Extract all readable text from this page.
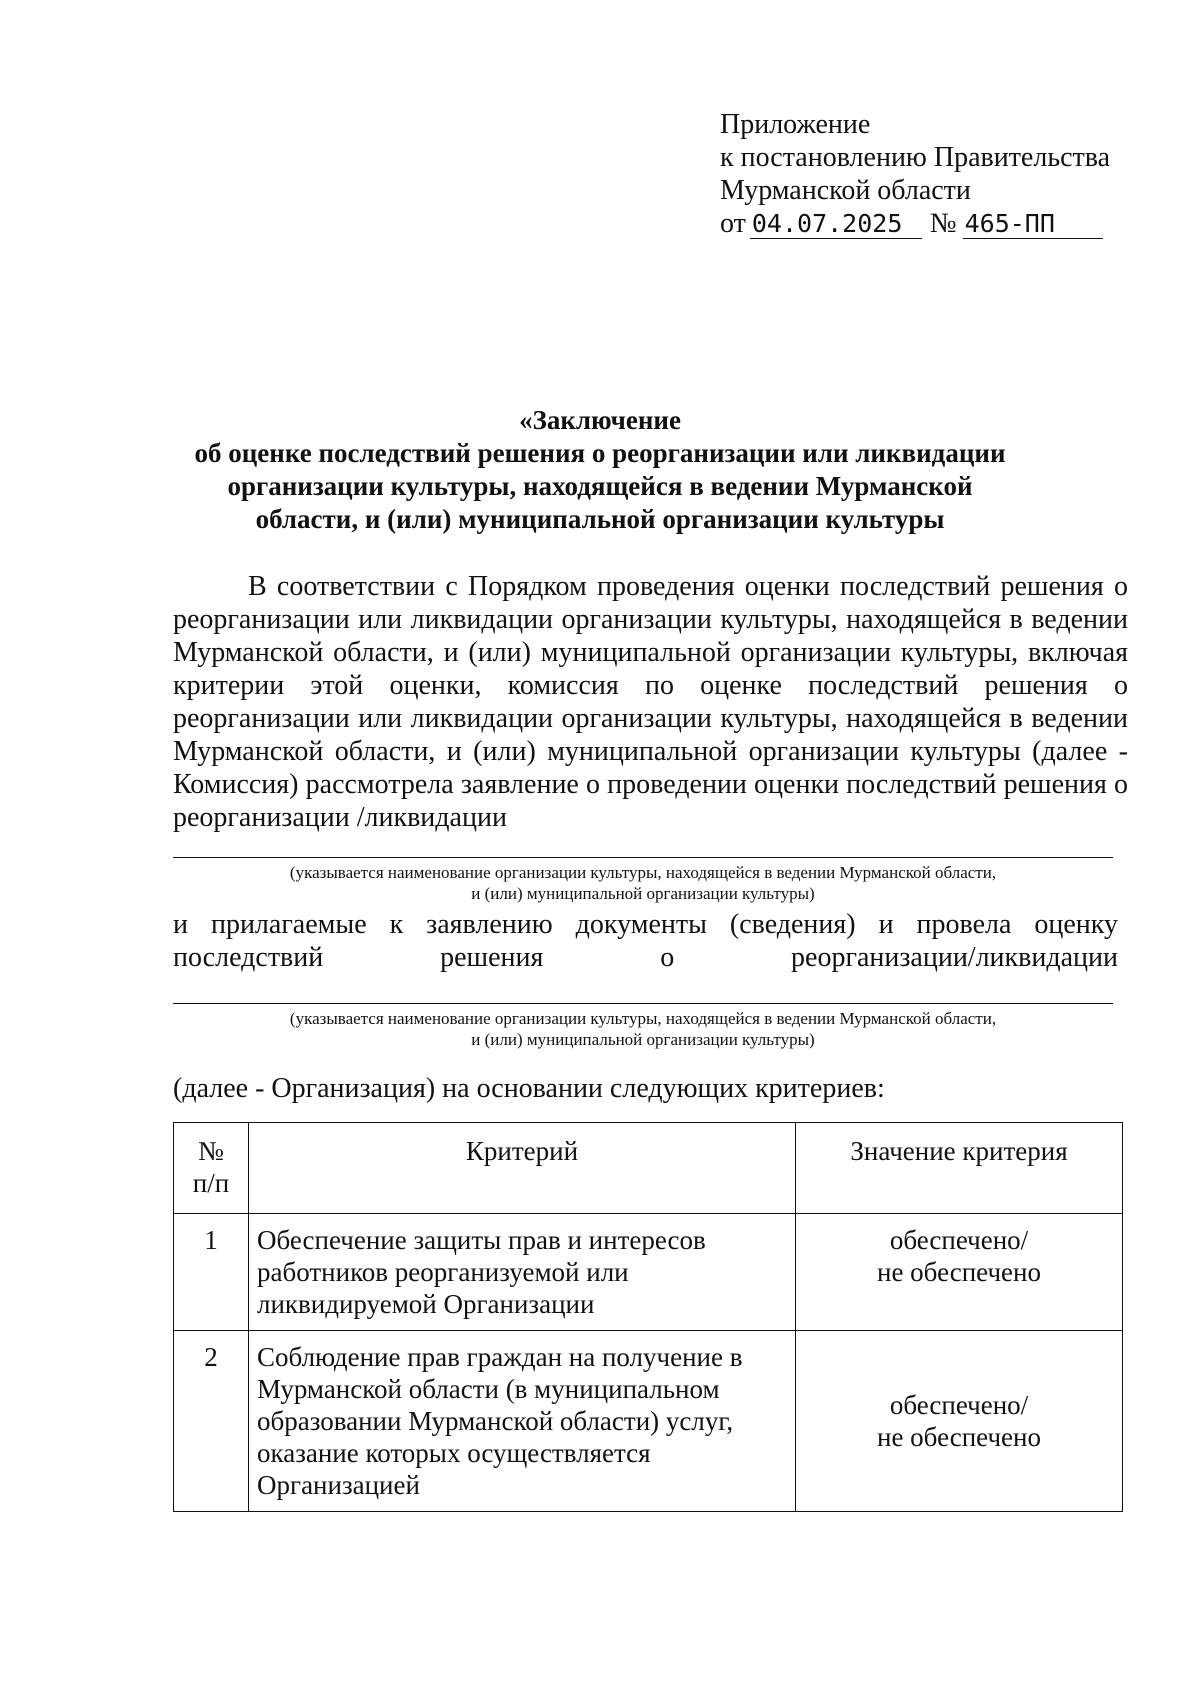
Приложение
к постановлению Правительства
Мурманской области
от 04.07.2025 № 465-ПП
«Заключение
об оценке последствий решения о реорганизации или ликвидации
организации культуры, находящейся в ведении Мурманской
области, и (или) муниципальной организации культуры
В соответствии с Порядком проведения оценки последствий решения о реорганизации или ликвидации организации культуры, находящейся в ведении Мурманской области, и (или) муниципальной организации культуры, включая критерии этой оценки, комиссия по оценке последствий решения о реорганизации или ликвидации организации культуры, находящейся в ведении Мурманской области, и (или) муниципальной организации культуры (далее - Комиссия) рассмотрела заявление о проведении оценки последствий решения о реорганизации /ликвидации
(указывается наименование организации культуры, находящейся в ведении Мурманской области,
и (или) муниципальной организации культуры)
и прилагаемые к заявлению документы (сведения) и провела оценку
последствий	решения	о	реорганизации/ликвидации
(указывается наименование организации культуры, находящейся в ведении Мурманской области,
и (или) муниципальной организации культуры)
(далее - Организация) на основании следующих критериев:
№
п/п	Критерий	Значение критерия
1	Обеспечение защиты прав и интересов работников реорганизуемой или ликвидируемой Организации	обеспечено/
не обеспечено

2	Соблюдение прав граждан на получение в Мурманской области (в муниципальном образовании Мурманской области) услуг, оказание которых осуществляется Организацией	обеспечено/
не обеспечено
